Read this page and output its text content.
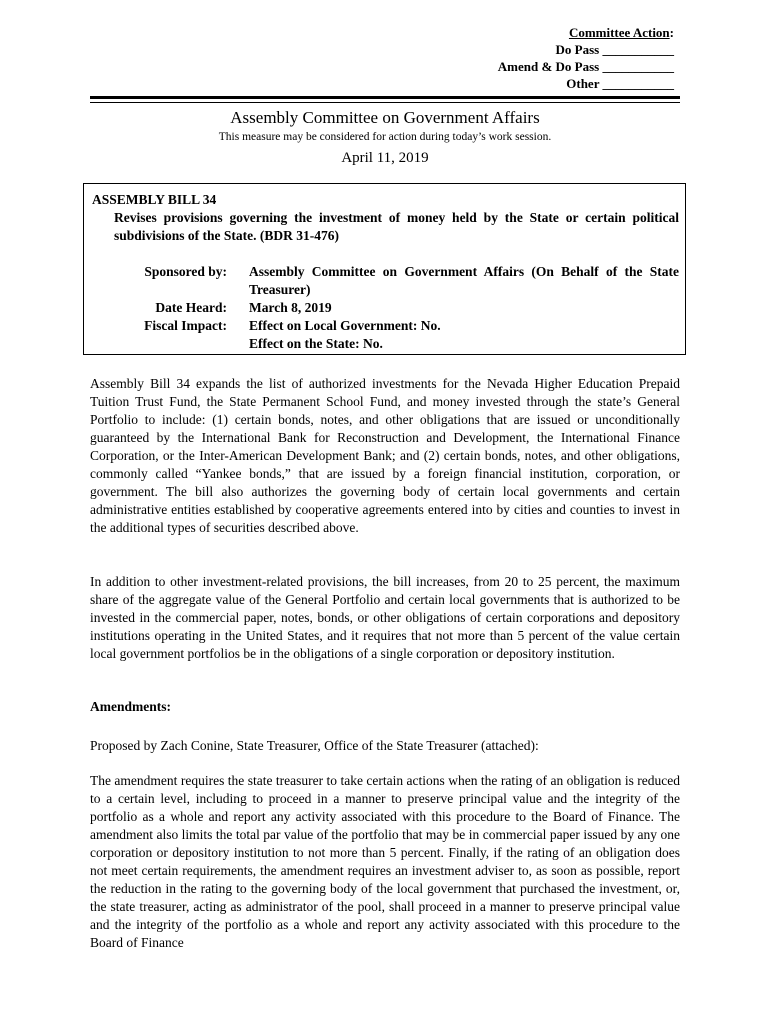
Committee Action:
Do Pass ___________
Amend & Do Pass ___________
Other ___________
Assembly Committee on Government Affairs
This measure may be considered for action during today’s work session.
April 11, 2019
ASSEMBLY BILL 34
Revises provisions governing the investment of money held by the State or certain political subdivisions of the State. (BDR 31-476)
Sponsored by: Assembly Committee on Government Affairs (On Behalf of the State Treasurer)
Date Heard: March 8, 2019
Fiscal Impact: Effect on Local Government: No.
Effect on the State: No.

Assembly Bill 34 expands the list of authorized investments for the Nevada Higher Education Prepaid Tuition Trust Fund, the State Permanent School Fund, and money invested through the state’s General Portfolio to include: (1) certain bonds, notes, and other obligations that are issued or unconditionally guaranteed by the International Bank for Reconstruction and Development, the International Finance Corporation, or the Inter-American Development Bank; and (2) certain bonds, notes, and other obligations, commonly called “Yankee bonds,” that are issued by a foreign financial institution, corporation, or government. The bill also authorizes the governing body of certain local governments and certain administrative entities established by cooperative agreements entered into by cities and counties to invest in the additional types of securities described above.

In addition to other investment-related provisions, the bill increases, from 20 to 25 percent, the maximum share of the aggregate value of the General Portfolio and certain local governments that is authorized to be invested in the commercial paper, notes, bonds, or other obligations of certain corporations and depository institutions operating in the United States, and it requires that not more than 5 percent of the value certain local government portfolios be in the obligations of a single corporation or depository institution.

Amendments:

Proposed by Zach Conine, State Treasurer, Office of the State Treasurer (attached):

The amendment requires the state treasurer to take certain actions when the rating of an obligation is reduced to a certain level, including to proceed in a manner to preserve principal value and the integrity of the portfolio as a whole and report any activity associated with this procedure to the Board of Finance. The amendment also limits the total par value of the portfolio that may be in commercial paper issued by any one corporation or depository institution to not more than 5 percent. Finally, if the rating of an obligation does not meet certain requirements, the amendment requires an investment adviser to, as soon as possible, report the reduction in the rating to the governing body of the local government that purchased the investment, or, the state treasurer, acting as administrator of the pool, shall proceed in a manner to preserve principal value and the integrity of the portfolio as a whole and report any activity associated with this procedure to the Board of Finance
